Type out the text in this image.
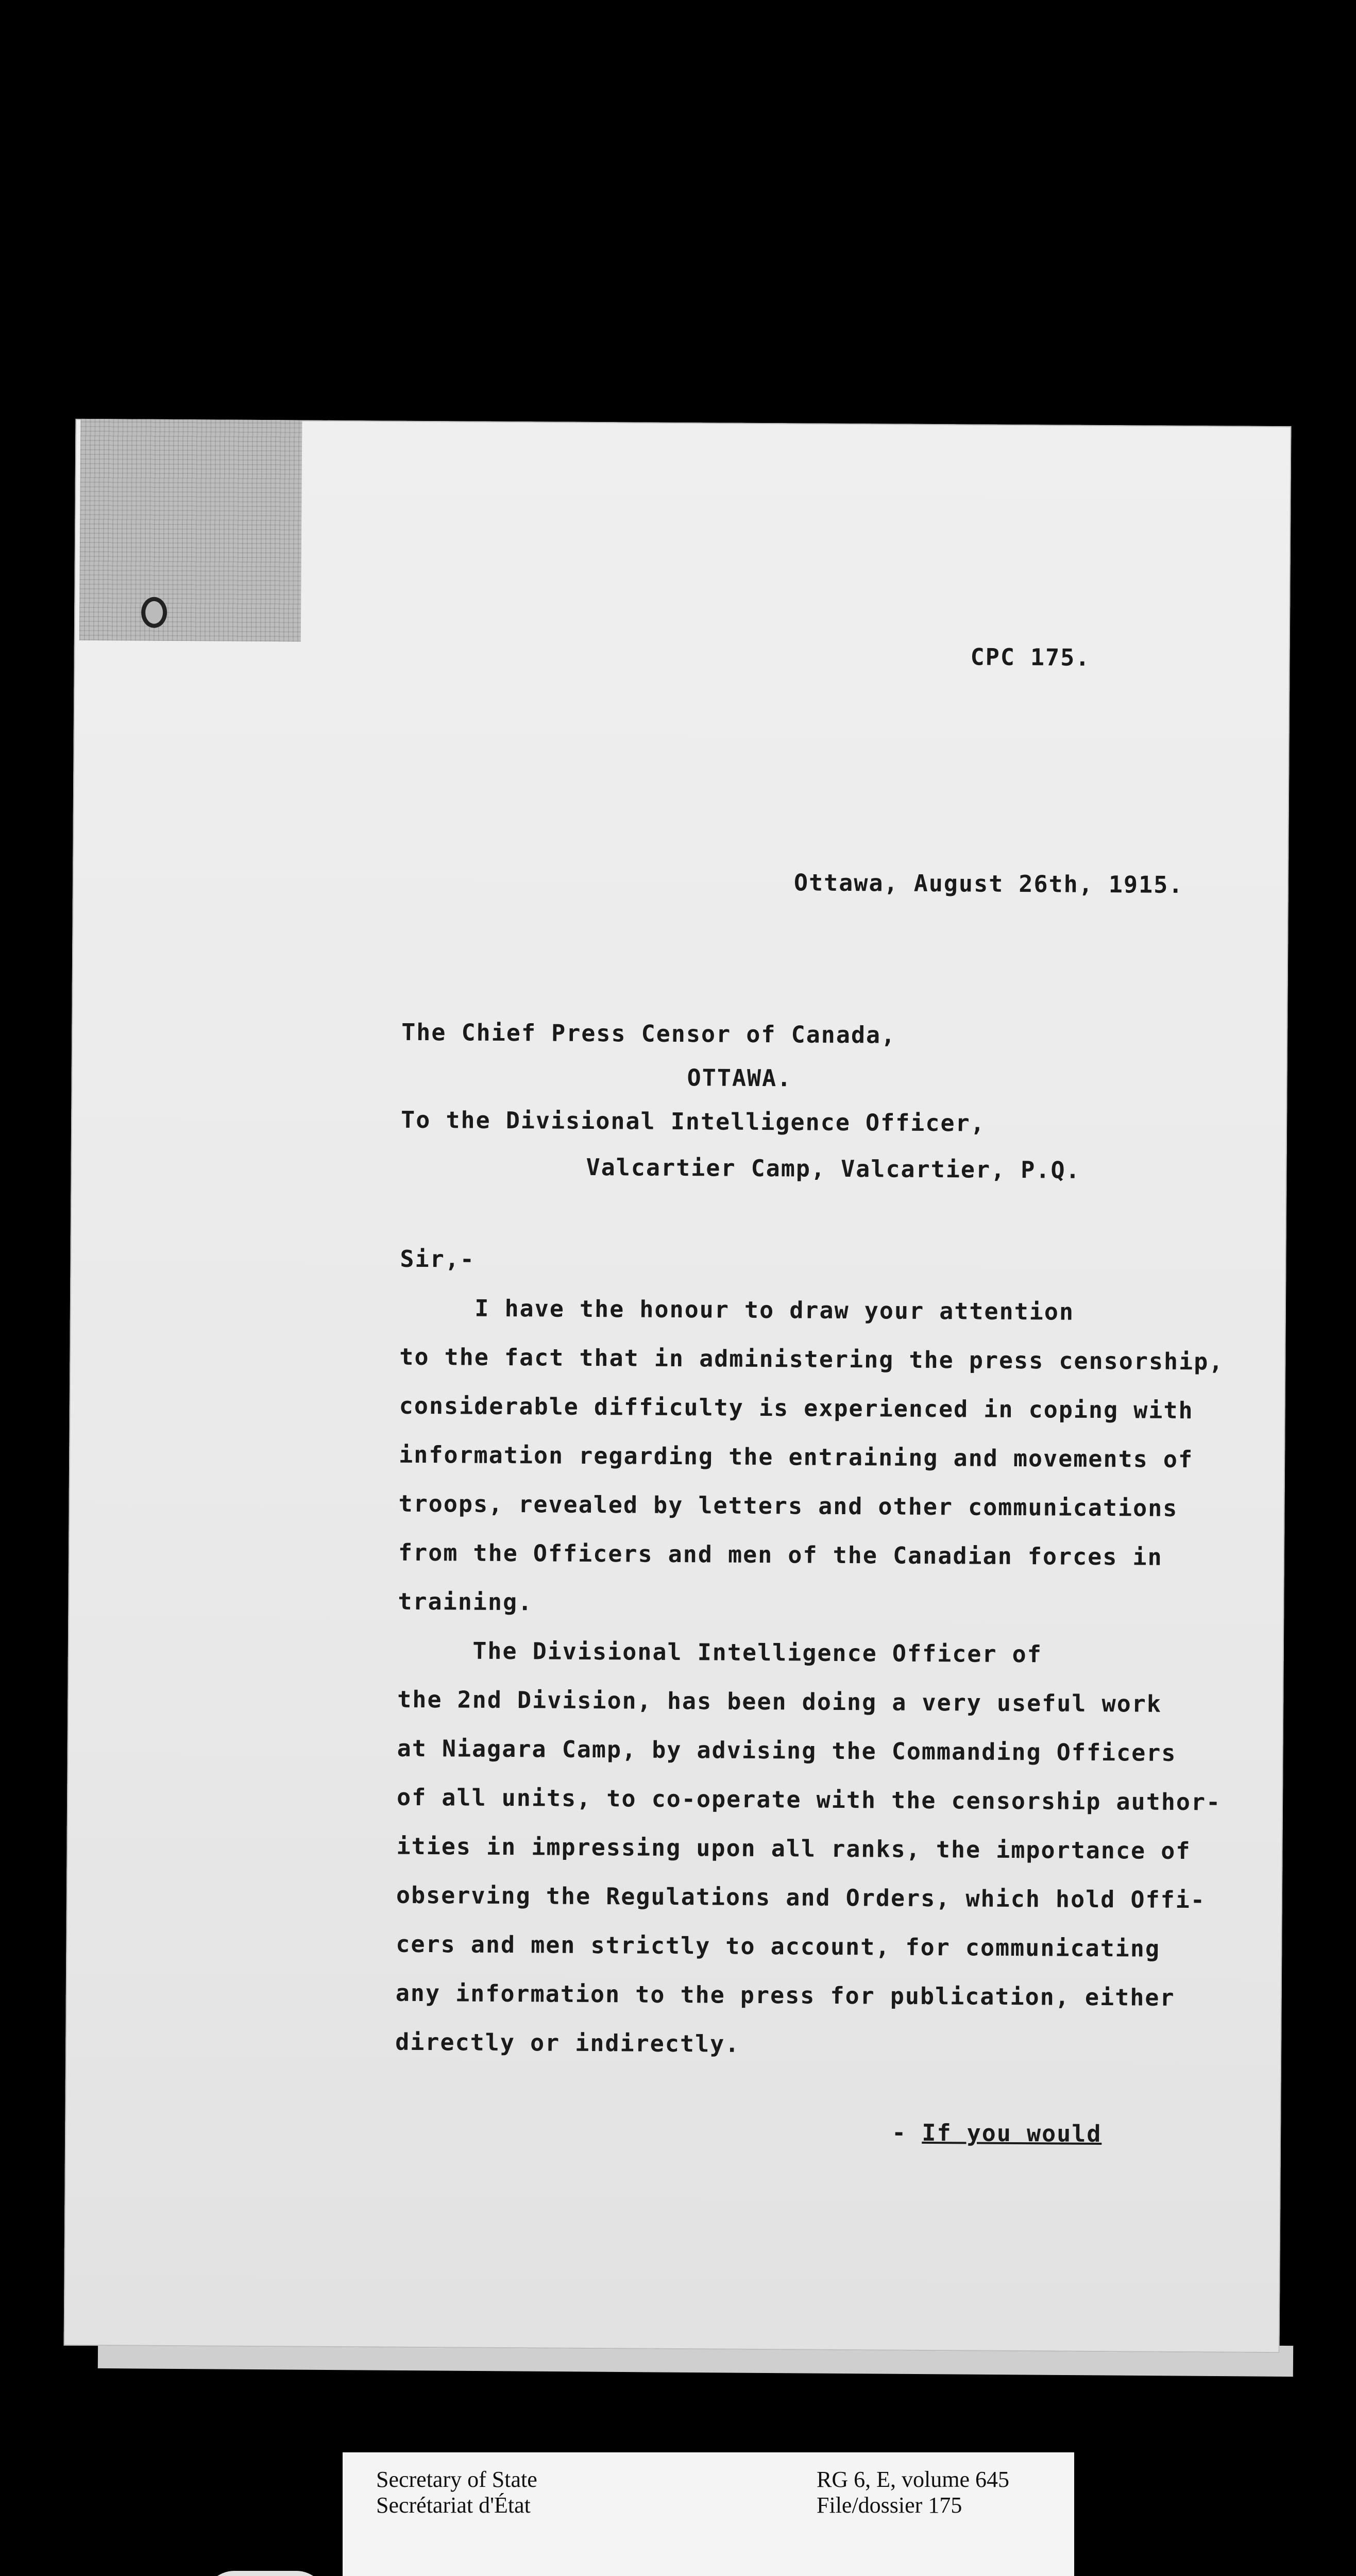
CPC 175.
Ottawa, August 26th, 1915.
The Chief Press Censor of Canada,
OTTAWA.
To the Divisional Intelligence Officer,
Valcartier Camp, Valcartier, P.Q.
Sir,-
I have the honour to draw your attention
to the fact that in administering the press censorship,
considerable difficulty is experienced in coping with
information regarding the entraining and movements of
troops, revealed by letters and other communications
from the Officers and men of the Canadian forces in
training.
The Divisional Intelligence Officer of
the 2nd Division, has been doing a very useful work
at Niagara Camp, by advising the Commanding Officers
of all units, to co-operate with the censorship author-
ities in impressing upon all ranks, the importance of
observing the Regulations and Orders, which hold Offi-
cers and men strictly to account, for communicating
any information to the press for publication, either
directly or indirectly.
- If you would
Secretary of State
Secrétariat d'État
RG 6, E, volume 645
File/dossier 175
